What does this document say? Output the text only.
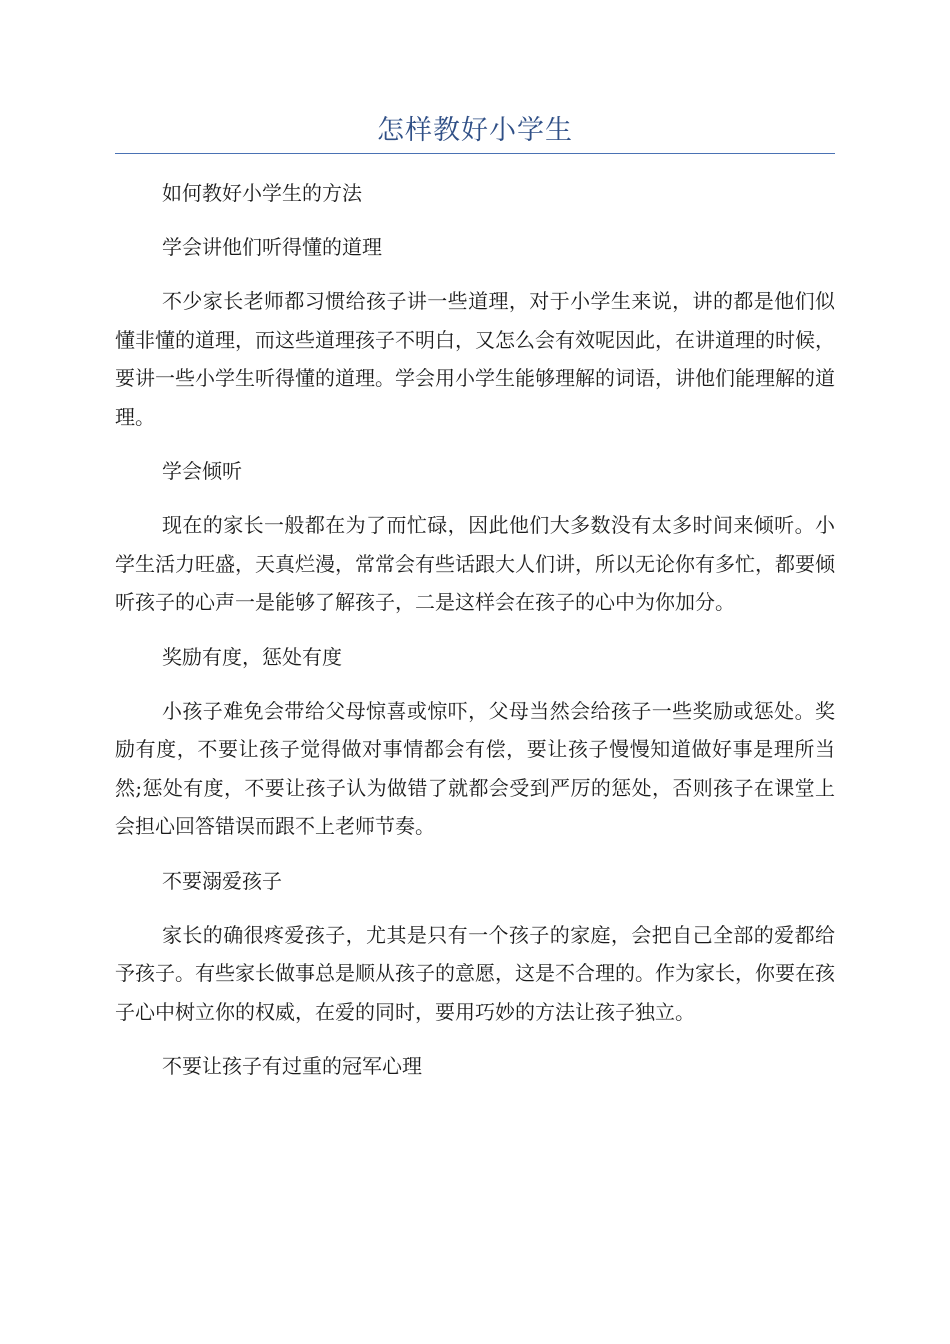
怎样教好小学生

如何教好小学生的方法

学会讲他们听得懂的道理

不少家长老师都习惯给孩子讲一些道理，对于小学生来说，讲的都是他们似懂非懂的道理，而这些道理孩子不明白，又怎么会有效呢因此，在讲道理的时候，要讲一些小学生听得懂的道理。学会用小学生能够理解的词语，讲他们能理解的道理。

学会倾听

现在的家长一般都在为了而忙碌，因此他们大多数没有太多时间来倾听。小学生活力旺盛，天真烂漫，常常会有些话跟大人们讲，所以无论你有多忙，都要倾听孩子的心声一是能够了解孩子，二是这样会在孩子的心中为你加分。

奖励有度，惩处有度

小孩子难免会带给父母惊喜或惊吓，父母当然会给孩子一些奖励或惩处。奖励有度，不要让孩子觉得做对事情都会有偿，要让孩子慢慢知道做好事是理所当然;惩处有度，不要让孩子认为做错了就都会受到严厉的惩处，否则孩子在课堂上会担心回答错误而跟不上老师节奏。

不要溺爱孩子

家长的确很疼爱孩子，尤其是只有一个孩子的家庭，会把自己全部的爱都给予孩子。有些家长做事总是顺从孩子的意愿，这是不合理的。作为家长，你要在孩子心中树立你的权威，在爱的同时，要用巧妙的方法让孩子独立。

不要让孩子有过重的冠军心理
